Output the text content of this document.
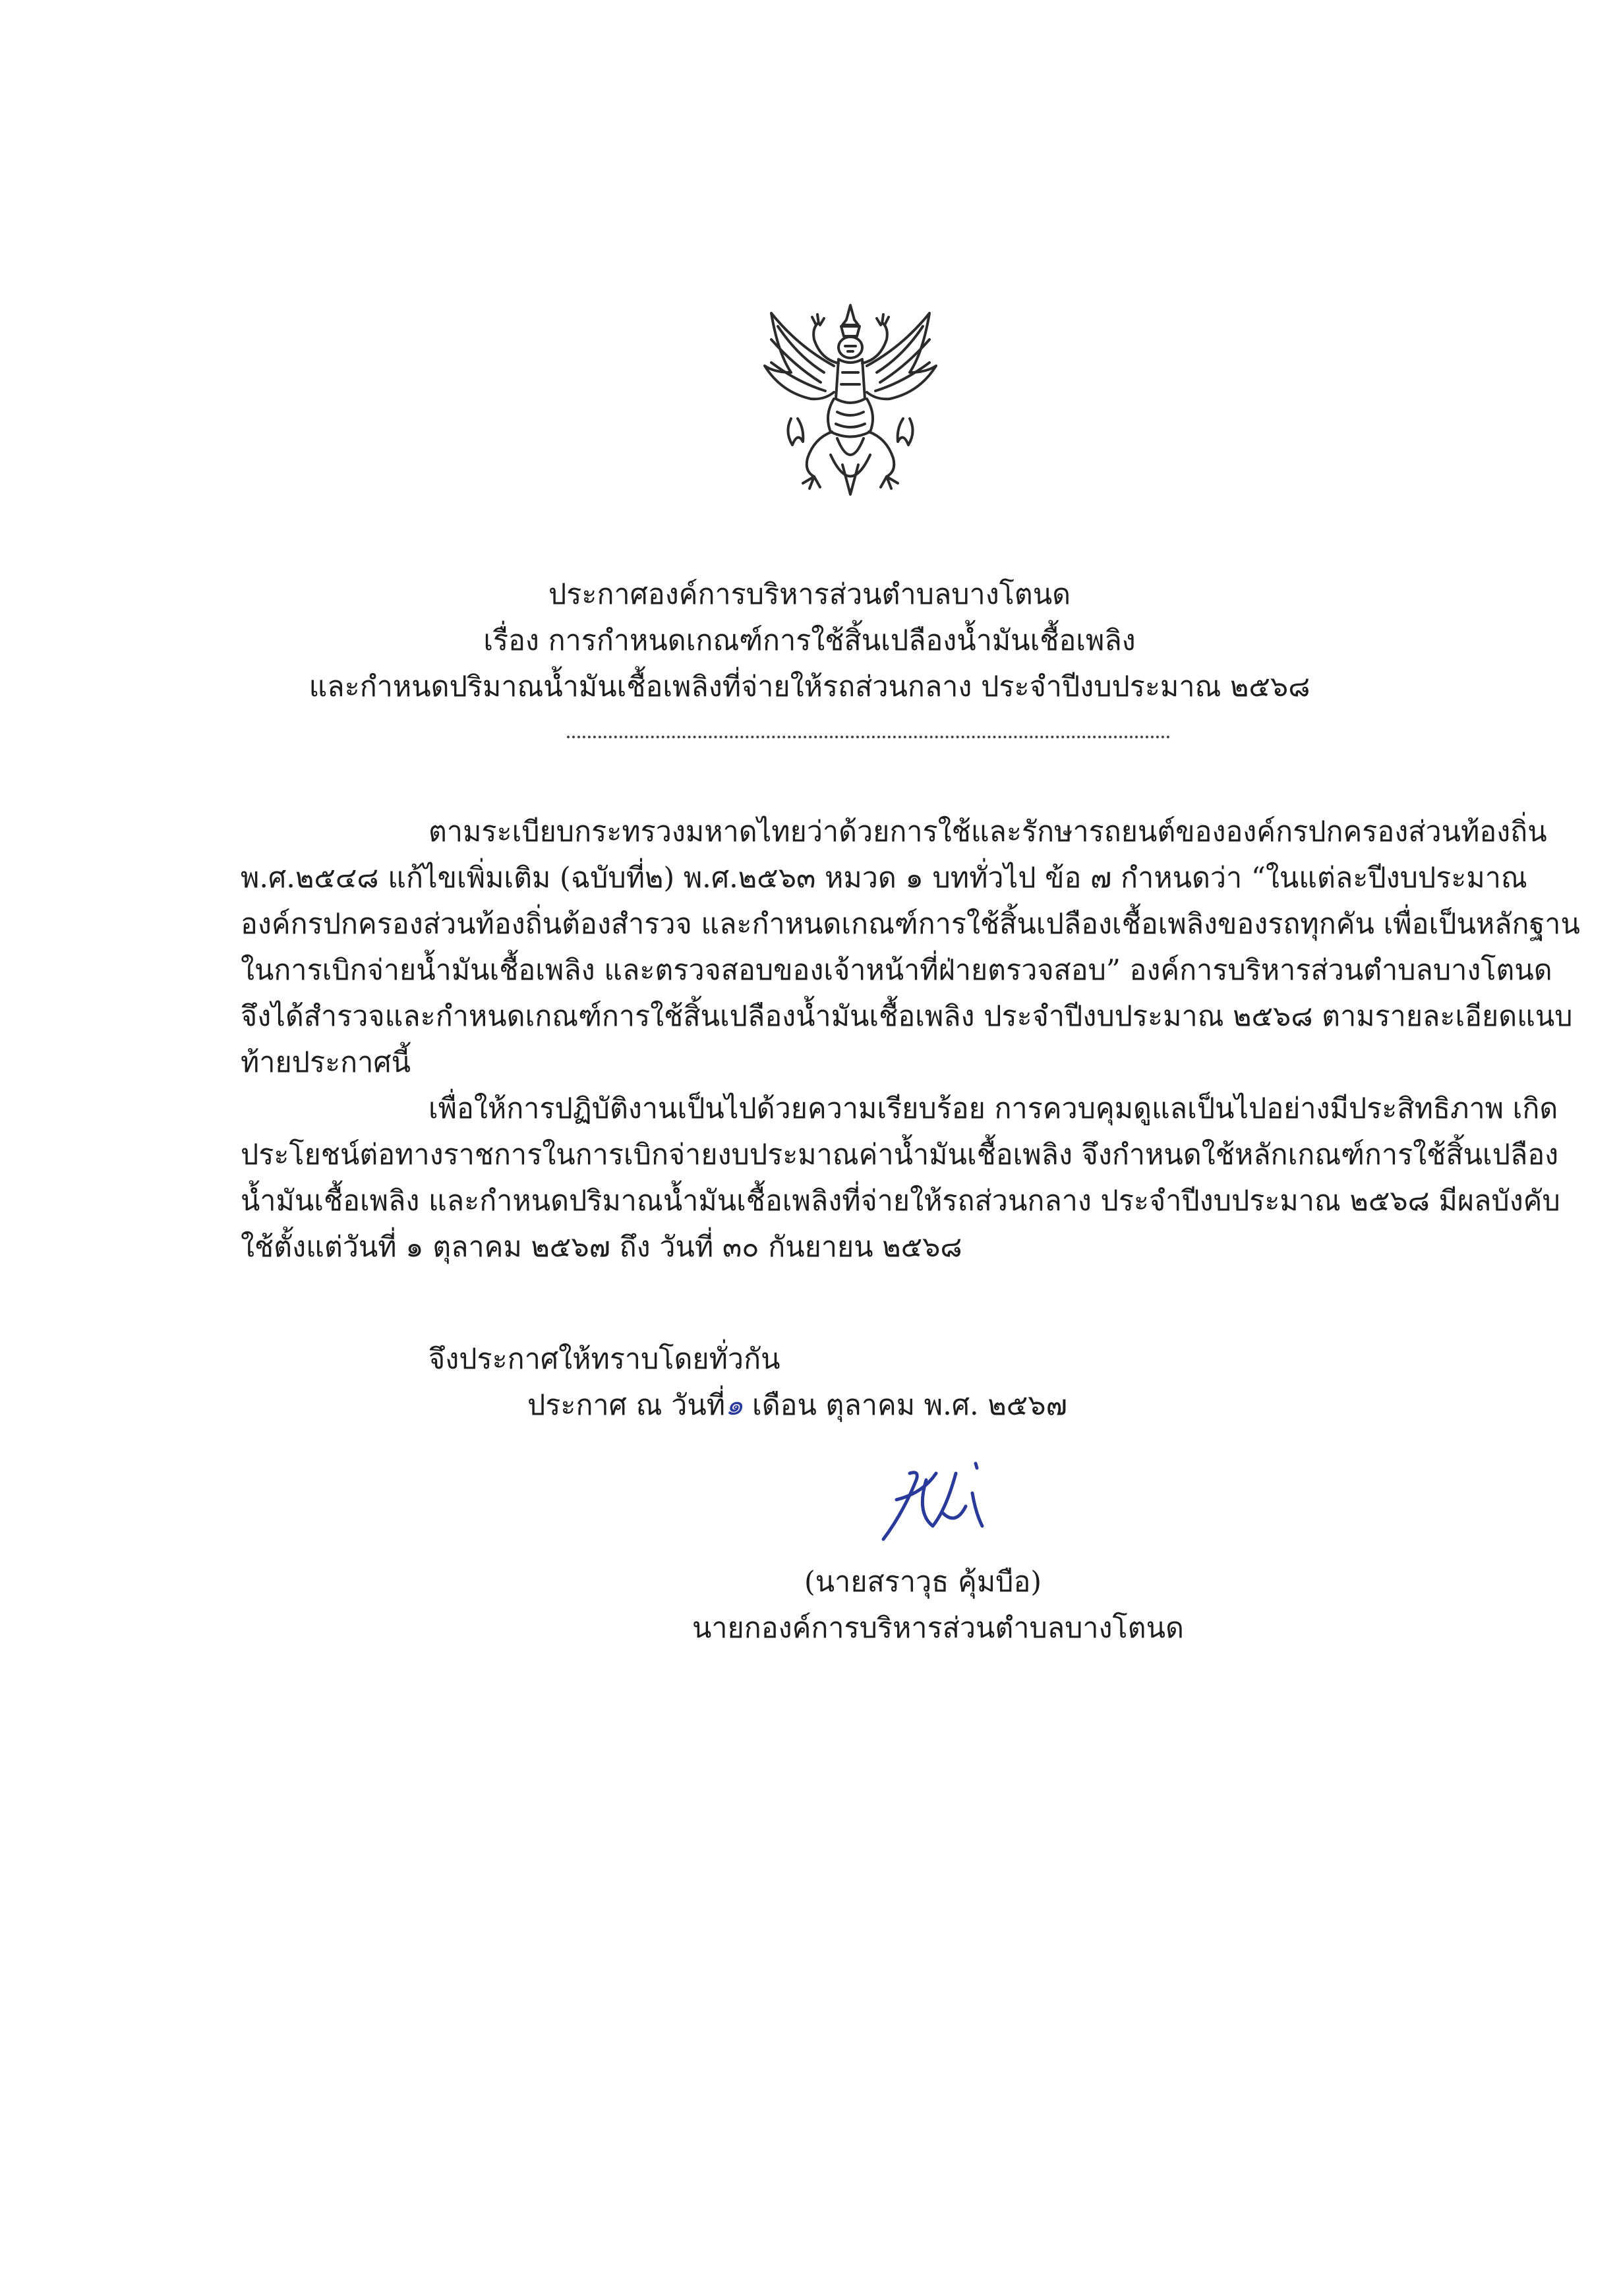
ประกาศองค์การบริหารส่วนตำบลบางโตนด
เรื่อง การกำหนดเกณฑ์การใช้สิ้นเปลืองน้ำมันเชื้อเพลิง
และกำหนดปริมาณน้ำมันเชื้อเพลิงที่จ่ายให้รถส่วนกลาง ประจำปีงบประมาณ ๒๕๖๘
ตามระเบียบกระทรวงมหาดไทยว่าด้วยการใช้และรักษารถยนต์ขององค์กรปกครองส่วนท้องถิ่น
พ.ศ.๒๕๔๘ แก้ไขเพิ่มเติม (ฉบับที่๒) พ.ศ.๒๕๖๓ หมวด ๑ บททั่วไป ข้อ ๗ กำหนดว่า “ในแต่ละปีงบประมาณ
องค์กรปกครองส่วนท้องถิ่นต้องสำรวจ และกำหนดเกณฑ์การใช้สิ้นเปลืองเชื้อเพลิงของรถทุกคัน เพื่อเป็นหลักฐาน
ในการเบิกจ่ายน้ำมันเชื้อเพลิง และตรวจสอบของเจ้าหน้าที่ฝ่ายตรวจสอบ” องค์การบริหารส่วนตำบลบางโตนด
จึงได้สำรวจและกำหนดเกณฑ์การใช้สิ้นเปลืองน้ำมันเชื้อเพลิง ประจำปีงบประมาณ ๒๕๖๘ ตามรายละเอียดแนบ
ท้ายประกาศนี้
เพื่อให้การปฏิบัติงานเป็นไปด้วยความเรียบร้อย การควบคุมดูแลเป็นไปอย่างมีประสิทธิภาพ เกิด
ประโยชน์ต่อทางราชการในการเบิกจ่ายงบประมาณค่าน้ำมันเชื้อเพลิง จึงกำหนดใช้หลักเกณฑ์การใช้สิ้นเปลือง
น้ำมันเชื้อเพลิง และกำหนดปริมาณน้ำมันเชื้อเพลิงที่จ่ายให้รถส่วนกลาง ประจำปีงบประมาณ ๒๕๖๘ มีผลบังคับ
ใช้ตั้งแต่วันที่ ๑ ตุลาคม ๒๕๖๗ ถึง วันที่ ๓๐ กันยายน ๒๕๖๘
จึงประกาศให้ทราบโดยทั่วกัน
ประกาศ ณ วันที่๑ เดือน ตุลาคม พ.ศ. ๒๕๖๗
(นายสราวุธ คุ้มบือ)
นายกองค์การบริหารส่วนตำบลบางโตนด
